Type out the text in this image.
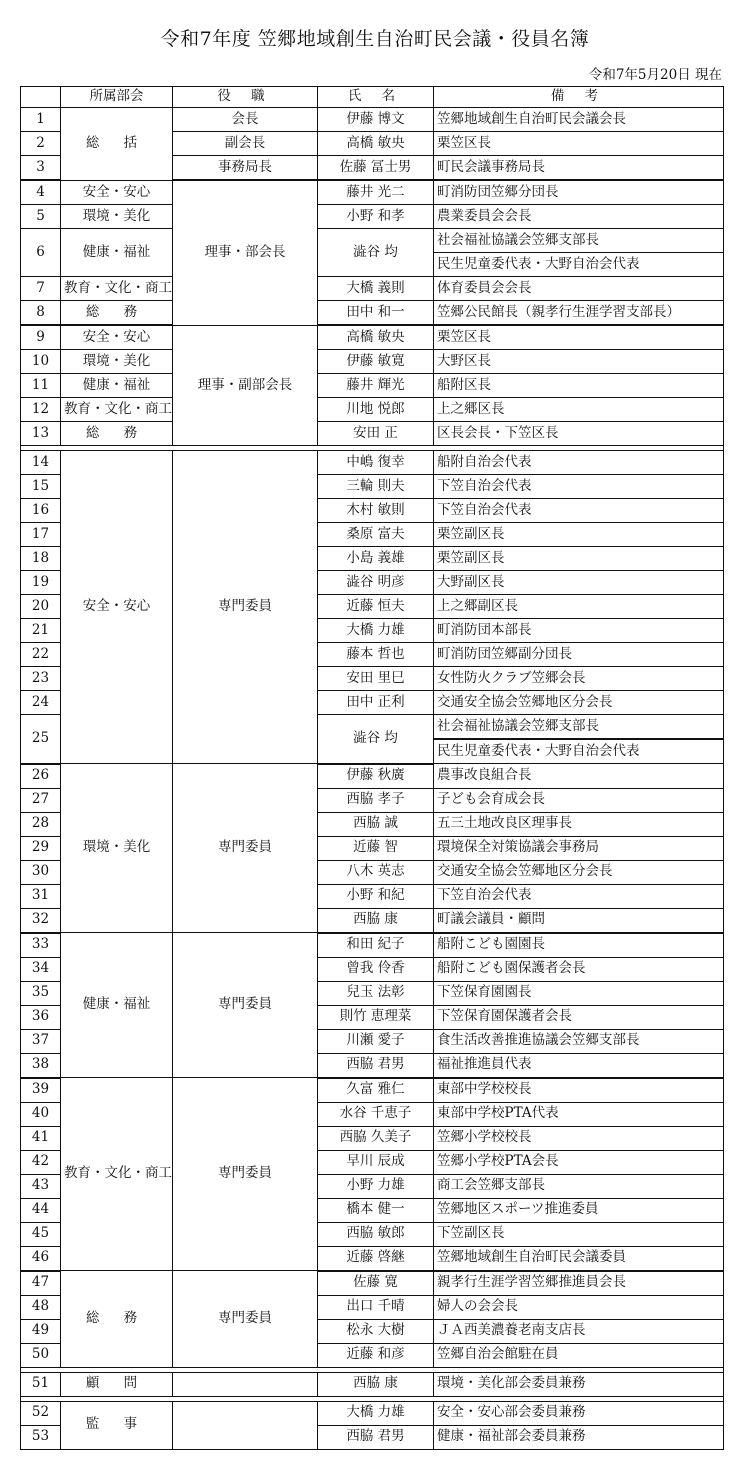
令和7年度 笠郷地域創生自治町民会議・役員名簿
令和7年5月20日 現在
	所属部会	役 職	氏 名	備 考
1	総 括	会長	伊藤 博文	笠郷地域創生自治町民会議会長
2		副会長	高橋 敏央	栗笠区長
3		事務局長	佐藤 冨士男	町民会議事務局長
4	安全・安心	理事・部会長	藤井 光二	町消防団笠郷分団長
5	環境・美化		小野 和孝	農業委員会会長
6	健康・福祉		澁谷 均	社会福祉協議会笠郷支部長
				民生児童委代表・大野自治会代表
7	教育・文化・商工		大橋 義則	体育委員会会長
8	総 務		田中 和一	笠郷公民館長（親孝行生涯学習支部長）
9	安全・安心	理事・副部会長	高橋 敏央	栗笠区長
10	環境・美化		伊藤 敏寛	大野区長
11	健康・福祉		藤井 輝光	船附区長
12	教育・文化・商工		川地 悦郎	上之郷区長
13	総 務		安田 正	区長会長・下笠区長

14	安全・安心	専門委員	中嶋 復幸	船附自治会代表
15			三輪 則夫	下笠自治会代表
16			木村 敏則	下笠自治会代表
17			桑原 富夫	栗笠副区長
18			小島 義雄	栗笠副区長
19			澁谷 明彦	大野副区長
20			近藤 恒夫	上之郷副区長
21			大橋 力雄	町消防団本部長
22			藤本 哲也	町消防団笠郷副分団長
23			安田 里巳	女性防火クラブ笠郷会長
24			田中 正利	交通安全協会笠郷地区分会長
25			澁谷 均	社会福祉協議会笠郷支部長
				民生児童委代表・大野自治会代表
26	環境・美化	専門委員	伊藤 秋廣	農事改良組合長
27			西脇 孝子	子ども会育成会長
28			西脇 誠	五三土地改良区理事長
29			近藤 智	環境保全対策協議会事務局
30			八木 英志	交通安全協会笠郷地区分会長
31			小野 和紀	下笠自治会代表
32			西脇 康	町議会議員・顧問
33	健康・福祉	専門委員	和田 紀子	船附こども園園長
34			曾我 伶香	船附こども園保護者会長
35			兒玉 法彰	下笠保育園園長
36			則竹 恵理菜	下笠保育園保護者会長
37			川瀬 愛子	食生活改善推進協議会笠郷支部長
38			西脇 君男	福祉推進員代表
39	教育・文化・商工	専門委員	久富 雅仁	東部中学校校長
40			水谷 千恵子	東部中学校PTA代表
41			西脇 久美子	笠郷小学校校長
42			早川 辰成	笠郷小学校PTA会長
43			小野 力雄	商工会笠郷支部長
44			橋本 健一	笠郷地区スポーツ推進委員
45			西脇 敏郎	下笠副区長
46			近藤 啓継	笠郷地域創生自治町民会議委員
47	総 務	専門委員	佐藤 寛	親孝行生涯学習笠郷推進員会長
48			出口 千晴	婦人の会会長
49			松永 大樹	ＪＡ西美濃養老南支店長
50			近藤 和彦	笠郷自治会館駐在員

51	顧 問		西脇 康	環境・美化部会委員兼務

52	監 事		大橋 力雄	安全・安心部会委員兼務
53			西脇 君男	健康・福祉部会委員兼務
